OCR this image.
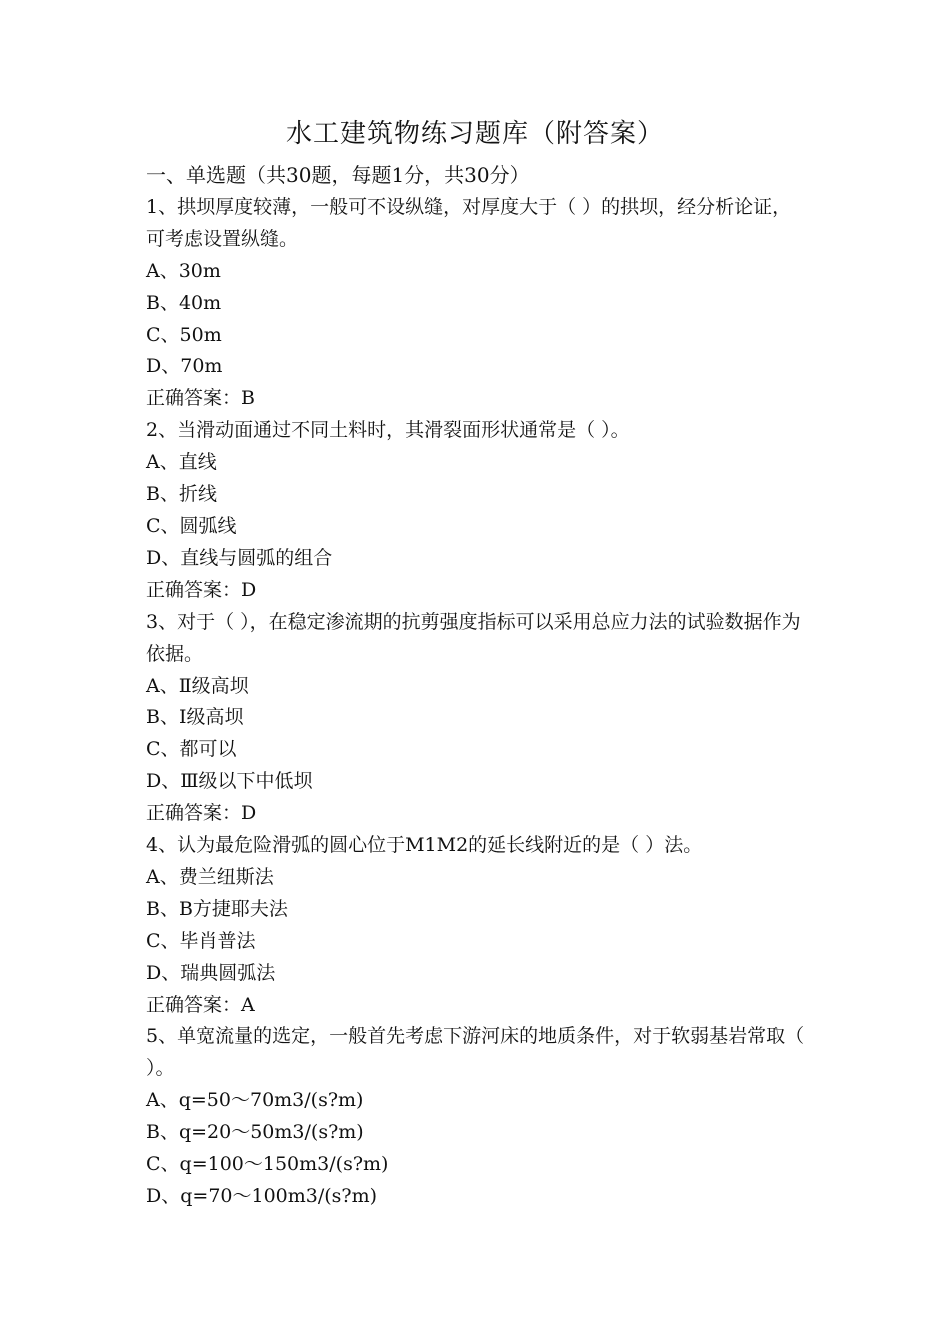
水工建筑物练习题库（附答案）

一、单选题（共30题，每题1分，共30分）

1、拱坝厚度较薄，一般可不设纵缝，对厚度大于（ ）的拱坝，经分析论证，可考虑设置纵缝。

A、30m

B、40m

C、50m

D、70m

正确答案：B

2、当滑动面通过不同土料时，其滑裂面形状通常是（ ）。

A、直线

B、折线

C、圆弧线

D、直线与圆弧的组合

正确答案：D

3、对于（ ），在稳定渗流期的抗剪强度指标可以采用总应力法的试验数据作为依据。

A、Ⅱ级高坝

B、Ⅰ级高坝

C、都可以

D、Ⅲ级以下中低坝

正确答案：D

4、认为最危险滑弧的圆心位于M1M2的延长线附近的是（ ）法。

A、费兰纽斯法

B、B方捷耶夫法

C、毕肖普法

D、瑞典圆弧法

正确答案：A

5、单宽流量的选定，一般首先考虑下游河床的地质条件，对于软弱基岩常取（ ）。

A、q=50～70m3/(s?m)

B、q=20～50m3/(s?m)

C、q=100～150m3/(s?m)

D、q=70～100m3/(s?m)
